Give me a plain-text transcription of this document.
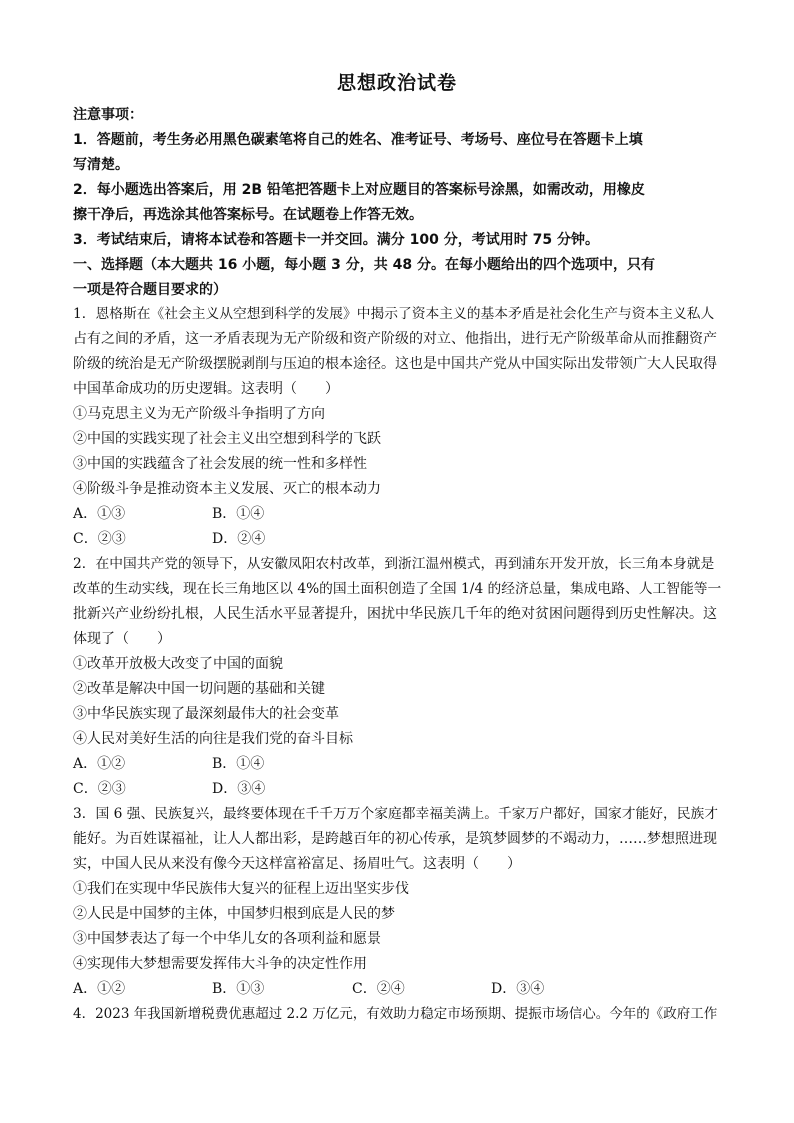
思想政治试卷
注意事项：
1．答题前，考生务必用黑色碳素笔将自己的姓名、准考证号、考场号、座位号在答题卡上填
写清楚。
2．每小题选出答案后，用 2B 铅笔把答题卡上对应题目的答案标号涂黑，如需改动，用橡皮
擦干净后，再选涂其他答案标号。在试题卷上作答无效。
3．考试结束后，请将本试卷和答题卡一并交回。满分 100 分，考试用时 75 分钟。
一、选择题（本大题共 16 小题，每小题 3 分，共 48 分。在每小题给出的四个选项中，只有
一项是符合题目要求的）
1．恩格斯在《社会主义从空想到科学的发展》中揭示了资本主义的基本矛盾是社会化生产与资本主义私人
占有之间的矛盾，这一矛盾表现为无产阶级和资产阶级的对立、他指出，进行无产阶级革命从而推翻资产
阶级的统治是无产阶级摆脱剥削与压迫的根本途径。这也是中国共产党从中国实际出发带领广大人民取得
中国革命成功的历史逻辑。这表明（　　）
①马克思主义为无产阶级斗争指明了方向
②中国的实践实现了社会主义出空想到科学的飞跃
③中国的实践蕴含了社会发展的统一性和多样性
④阶级斗争是推动资本主义发展、灭亡的根本动力
A．①③	B．①④
C．②③	D．②④
2．在中国共产党的领导下，从安徽凤阳农村改革，到浙江温州模式，再到浦东开发开放，长三角本身就是
改革的生动实线，现在长三角地区以 4%的国土面积创造了全国 1/4 的经济总量，集成电路、人工智能等一
批新兴产业纷纷扎根，人民生活水平显著提升，困扰中华民族几千年的绝对贫困问题得到历史性解决。这
体现了（　　）
①改革开放极大改变了中国的面貌
②改革是解决中国一切问题的基础和关键
③中华民族实现了最深刻最伟大的社会变革
④人民对美好生活的向往是我们党的奋斗目标
A．①②	B．①④
C．②③	D．③④
3．国 6 强、民族复兴，最终要体现在千千万万个家庭都幸福美满上。千家万户都好，国家才能好，民族才
能好。为百姓谋福祉，让人人都出彩，是跨越百年的初心传承，是筑梦圆梦的不竭动力，……梦想照进现
实，中国人民从来没有像今天这样富裕富足、扬眉吐气。这表明（　　）
①我们在实现中华民族伟大复兴的征程上迈出坚实步伐
②人民是中国梦的主体，中国梦归根到底是人民的梦
③中国梦表达了每一个中华儿女的各项利益和愿景
④实现伟大梦想需要发挥伟大斗争的决定性作用
A．①②	B．①③	C．②④	D．③④
4．2023 年我国新增税费优惠超过 2.2 万亿元，有效助力稳定市场预期、提振市场信心。今年的《政府工作
